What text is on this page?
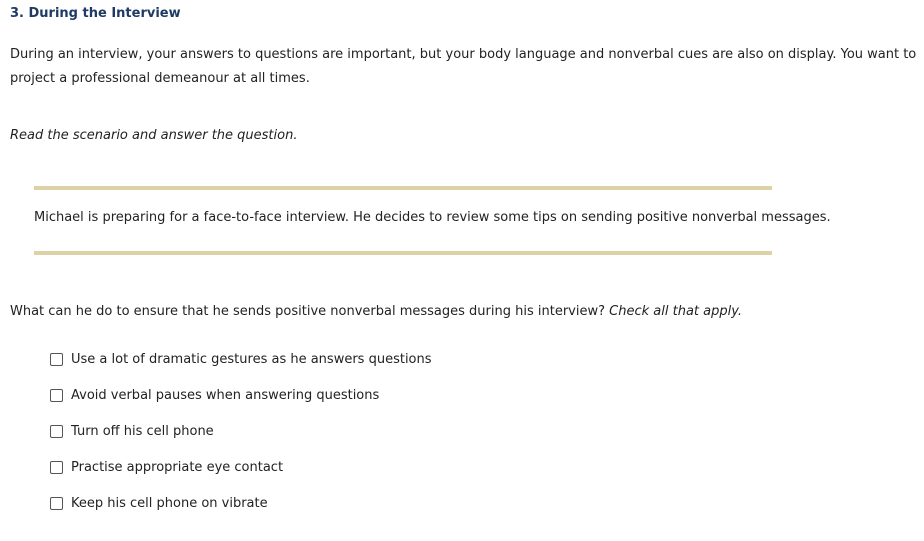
3. During the Interview

During an interview, your answers to questions are important, but your body language and nonverbal cues are also on display. You want to project a professional demeanour at all times.

Read the scenario and answer the question.

Michael is preparing for a face-to-face interview. He decides to review some tips on sending positive nonverbal messages.

What can he do to ensure that he sends positive nonverbal messages during his interview? Check all that apply.

Use a lot of dramatic gestures as he answers questions
Avoid verbal pauses when answering questions
Turn off his cell phone
Practise appropriate eye contact
Keep his cell phone on vibrate
